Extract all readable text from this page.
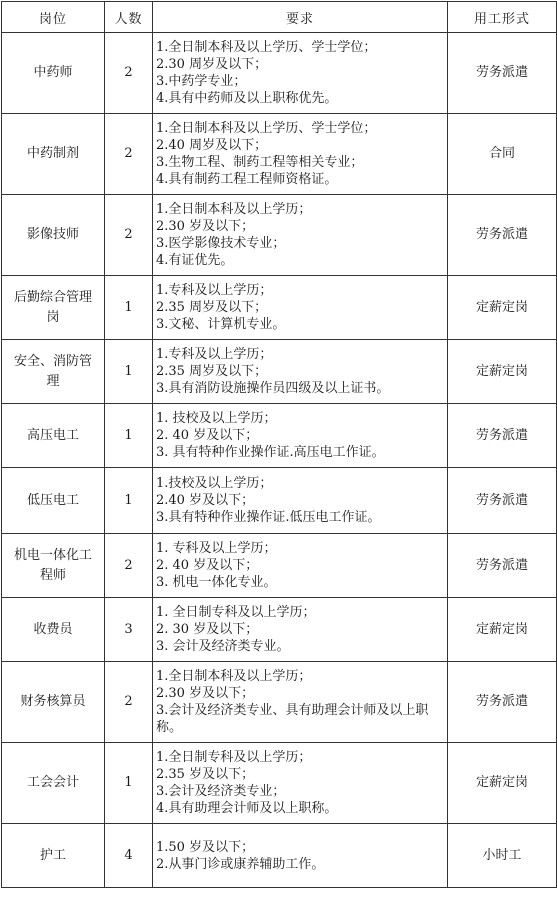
岗位	人数	要求	用工形式
中药师	2	1.全日制本科及以上学历、学士学位；
2.30 周岁及以下；
3.中药学专业；
4.具有中药师及以上职称优先。	劳务派遣
中药制剂	2	1.全日制本科及以上学历、学士学位；
2.40 周岁及以下；
3.生物工程、制药工程等相关专业；
4.具有制药工程工程师资格证。	合同
影像技师	2	1.全日制本科及以上学历；
2.30 岁及以下；
3.医学影像技术专业；
4.有证优先。	劳务派遣
后勤综合管理岗	1	1.专科及以上学历；
2.35 周岁及以下；
3.文秘、计算机专业。	定薪定岗
安全、消防管理	1	1.专科及以上学历；
2.35 周岁及以下；
3.具有消防设施操作员四级及以上证书。	定薪定岗
高压电工	1	1. 技校及以上学历；
2. 40 岁及以下；
3. 具有特种作业操作证.高压电工作证。	劳务派遣
低压电工	1	1.技校及以上学历；
2.40 岁及以下；
3.具有特种作业操作证.低压电工作证。	劳务派遣
机电一体化工程师	2	1. 专科及以上学历；
2. 40 岁及以下；
3. 机电一体化专业。	劳务派遣
收费员	3	1. 全日制专科及以上学历；
2. 30 岁及以下；
3. 会计及经济类专业。	定薪定岗
财务核算员	2	1.全日制本科及以上学历；
2.30 岁及以下；
3.会计及经济类专业、具有助理会计师及以上职称。	劳务派遣
工会会计	1	1.全日制专科及以上学历；
2.35 岁及以下；
3.会计及经济类专业；
4.具有助理会计师及以上职称。	定薪定岗
护工	4	1.50 岁及以下；
2.从事门诊或康养辅助工作。	小时工
